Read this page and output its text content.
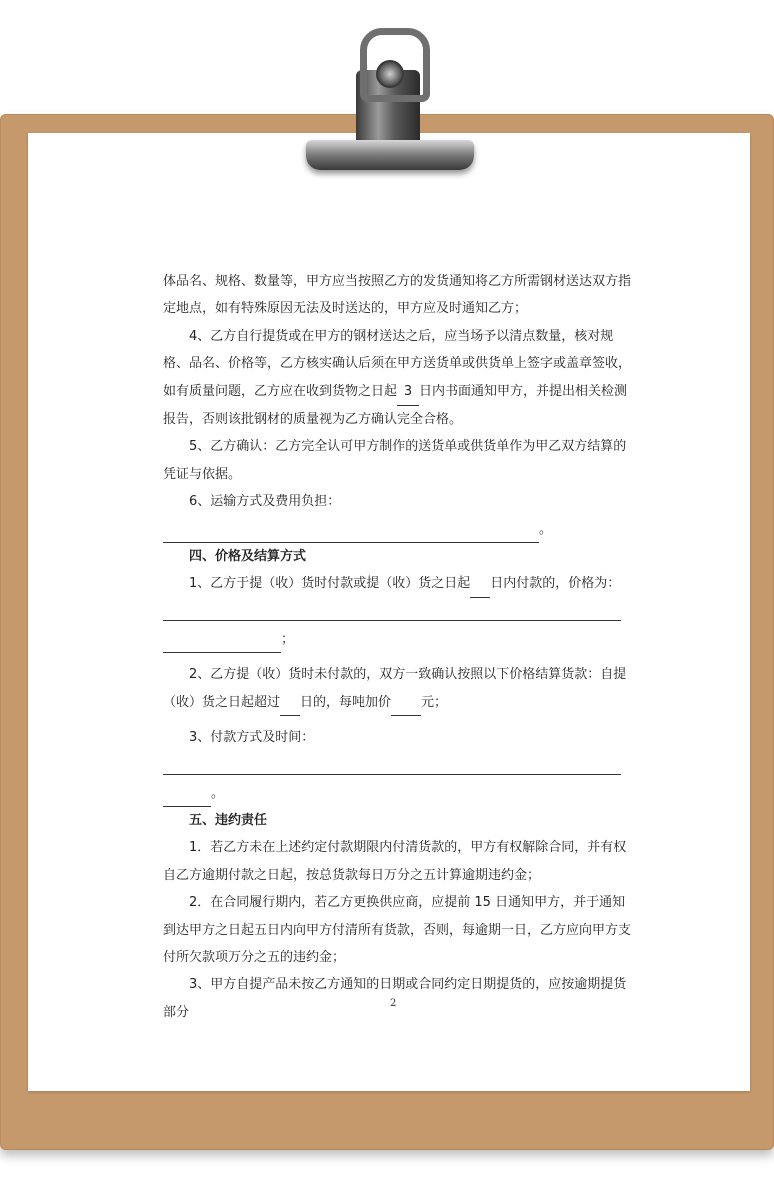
体品名、规格、数量等，甲方应当按照乙方的发货通知将乙方所需钢材送达双方指定地点，如有特殊原因无法及时送达的，甲方应及时通知乙方；

4、乙方自行提货或在甲方的钢材送达之后，应当场予以清点数量，核对规格、品名、价格等，乙方核实确认后须在甲方送货单或供货单上签字或盖章签收，如有质量问题，乙方应在收到货物之日起 3 日内书面通知甲方，并提出相关检测报告，否则该批钢材的质量视为乙方确认完全合格。

5、乙方确认：乙方完全认可甲方制作的送货单或供货单作为甲乙双方结算的凭证与依据。

6、运输方式及费用负担：

。

四、价格及结算方式

1、乙方于提（收）货时付款或提（收）货之日起 日内付款的，价格为：

；

2、乙方提（收）货时未付款的，双方一致确认按照以下价格结算货款：自提（收）货之日起超过 日的，每吨加价 元；

3、付款方式及时间：

。

五、违约责任

1．若乙方未在上述约定付款期限内付清货款的，甲方有权解除合同，并有权自乙方逾期付款之日起，按总货款每日万分之五计算逾期违约金；

2．在合同履行期内，若乙方更换供应商，应提前 15 日通知甲方，并于通知到达甲方之日起五日内向甲方付清所有货款，否则，每逾期一日，乙方应向甲方支付所欠款项万分之五的违约金；

3、甲方自提产品未按乙方通知的日期或合同约定日期提货的，应按逾期提货部分

2
